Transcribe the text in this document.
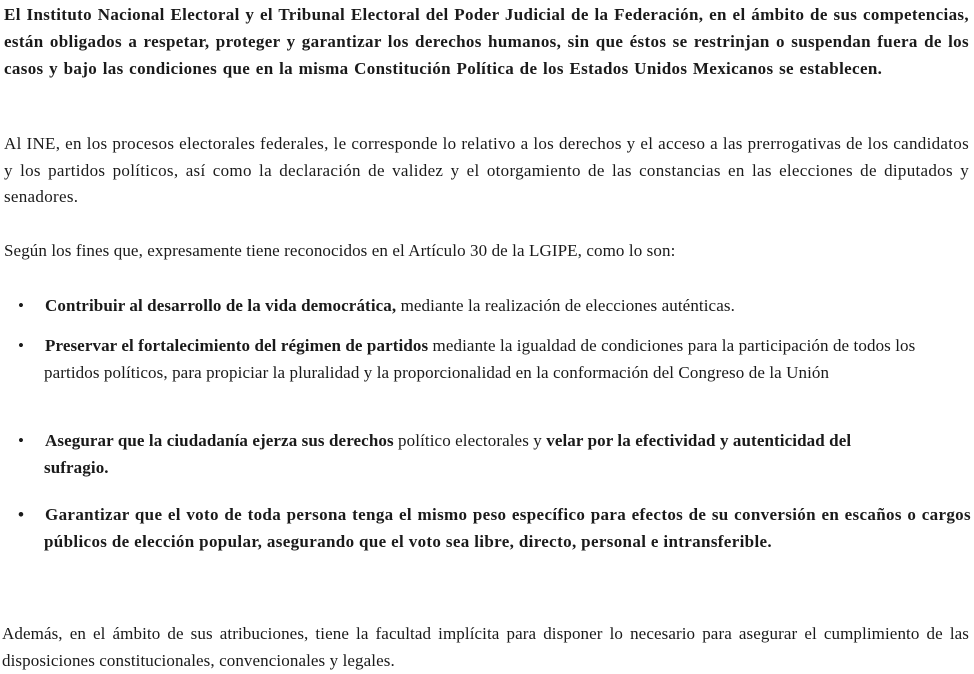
El Instituto Nacional Electoral y el Tribunal Electoral del Poder Judicial de la Federación, en el ámbito de sus competencias, están obligados a respetar, proteger y garantizar los derechos humanos, sin que éstos se restrinjan o suspendan fuera de los casos y bajo las condiciones que en la misma Constitución Política de los Estados Unidos Mexicanos se establecen.

Al INE, en los procesos electorales federales, le corresponde lo relativo a los derechos y el acceso a las prerrogativas de los candidatos y los partidos políticos, así como la declaración de validez y el otorgamiento de las constancias en las elecciones de diputados y senadores.

Según los fines que, expresamente tiene reconocidos en el Artículo 30 de la LGIPE, como lo son:

• Contribuir al desarrollo de la vida democrática, mediante la realización de elecciones auténticas.
• Preservar el fortalecimiento del régimen de partidos mediante la igualdad de condiciones para la participación de todos los partidos políticos, para propiciar la pluralidad y la proporcionalidad en la conformación del Congreso de la Unión
• Asegurar que la ciudadanía ejerza sus derechos político electorales y velar por la efectividad y autenticidad del sufragio.
• Garantizar que el voto de toda persona tenga el mismo peso específico para efectos de su conversión en escaños o cargos públicos de elección popular, asegurando que el voto sea libre, directo, personal e intransferible.

Además, en el ámbito de sus atribuciones, tiene la facultad implícita para disponer lo necesario para asegurar el cumplimiento de las disposiciones constitucionales, convencionales y legales.
